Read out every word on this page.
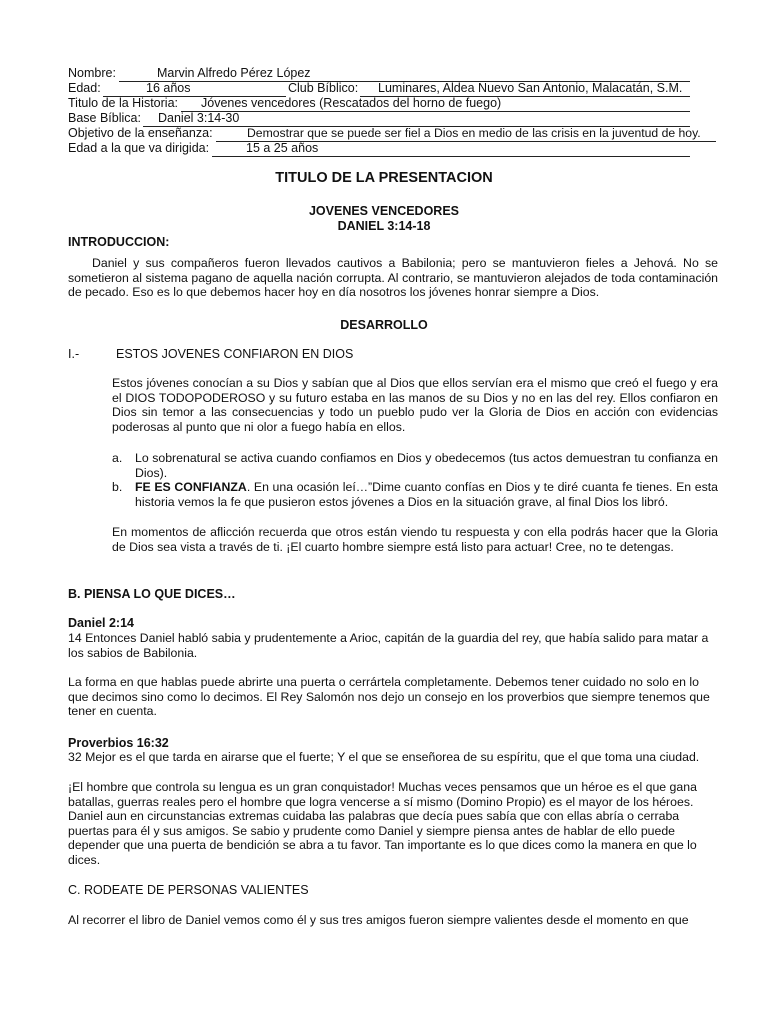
Nombre:	Marvin Alfredo Pérez López
Edad:	16 años	Club Bíblico: Luminares, Aldea Nuevo San Antonio, Malacatán, S.M.
Titulo de la Historia: Jóvenes vencedores (Rescatados del horno de fuego)
Base Bíblica: Daniel 3:14-30
Objetivo de la enseñanza:	Demostrar que se puede ser fiel a Dios en medio de las crisis en la juventud de hoy.
Edad a la que va dirigida:	15 a 25 años
TITULO DE LA PRESENTACION
JOVENES VENCEDORES
DANIEL 3:14-18
INTRODUCCION:
Daniel y sus compañeros fueron llevados cautivos a Babilonia; pero se mantuvieron fieles a Jehová. No se sometieron al sistema pagano de aquella nación corrupta. Al contrario, se mantuvieron alejados de toda contaminación de pecado. Eso es lo que debemos hacer hoy en día nosotros los jóvenes honrar siempre a Dios.
DESARROLLO
I.-	ESTOS JOVENES CONFIARON EN DIOS
Estos jóvenes conocían a su Dios y sabían que al Dios que ellos servían era el mismo que creó el fuego y era el DIOS TODOPODEROSO y su futuro estaba en las manos de su Dios y no en las del rey. Ellos confiaron en Dios sin temor a las consecuencias y todo un pueblo pudo ver la Gloria de Dios en acción con evidencias poderosas al punto que ni olor a fuego había en ellos.
a. Lo sobrenatural se activa cuando confiamos en Dios y obedecemos (tus actos demuestran tu confianza en Dios).
b. FE ES CONFIANZA. En una ocasión leí…”Dime cuanto confías en Dios y te diré cuanta fe tienes. En esta historia vemos la fe que pusieron estos jóvenes a Dios en la situación grave, al final Dios los libró.
En momentos de aflicción recuerda que otros están viendo tu respuesta y con ella podrás hacer que la Gloria de Dios sea vista a través de ti. ¡El cuarto hombre siempre está listo para actuar! Cree, no te detengas.
B. PIENSA LO QUE DICES…
Daniel 2:14
14 Entonces Daniel habló sabia y prudentemente a Arioc, capitán de la guardia del rey, que había salido para matar a los sabios de Babilonia.
La forma en que hablas puede abrirte una puerta o cerrártela completamente. Debemos tener cuidado no solo en lo que decimos sino como lo decimos. El Rey Salomón nos dejo un consejo en los proverbios que siempre tenemos que tener en cuenta.
Proverbios 16:32
32 Mejor es el que tarda en airarse que el fuerte; Y el que se enseñorea de su espíritu, que el que toma una ciudad.
¡El hombre que controla su lengua es un gran conquistador! Muchas veces pensamos que un héroe es el que gana batallas, guerras reales pero el hombre que logra vencerse a sí mismo (Domino Propio) es el mayor de los héroes. Daniel aun en circunstancias extremas cuidaba las palabras que decía pues sabía que con ellas abría o cerraba puertas para él y sus amigos. Se sabio y prudente como Daniel y siempre piensa antes de hablar de ello puede depender que una puerta de bendición se abra a tu favor. Tan importante es lo que dices como la manera en que lo dices.
C. RODEATE DE PERSONAS VALIENTES
Al recorrer el libro de Daniel vemos como él y sus tres amigos fueron siempre valientes desde el momento en que
